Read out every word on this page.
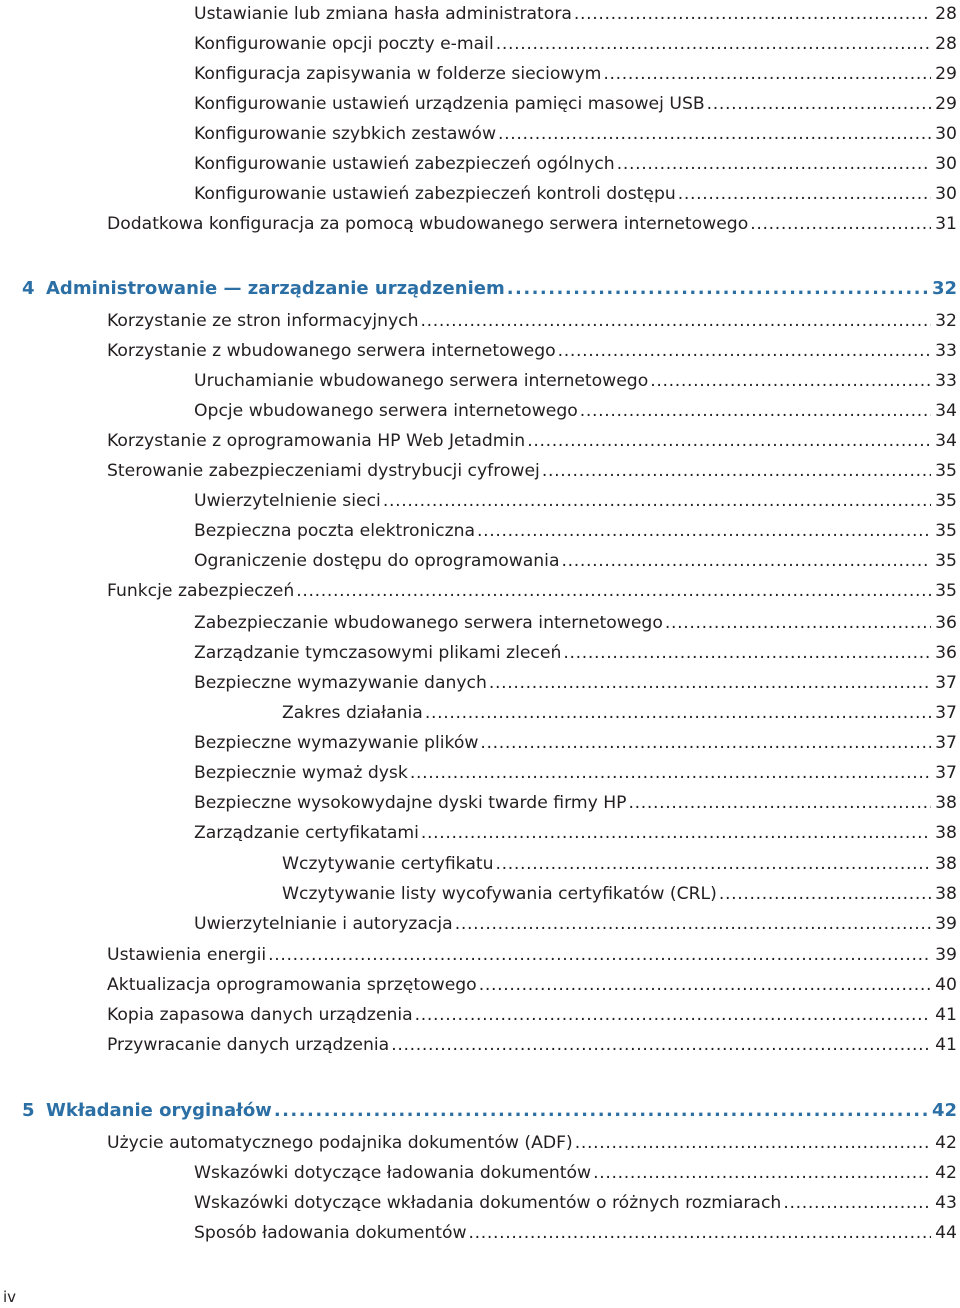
Ustawianie lub zmiana hasła administratora . . .	28
Konfigurowanie opcji poczty e-mail . . .	28
Konfiguracja zapisywania w folderze sieciowym . . .	29
Konfigurowanie ustawień urządzenia pamięci masowej USB . . .	29
Konfigurowanie szybkich zestawów . . .	30
Konfigurowanie ustawień zabezpieczeń ogólnych . . .	30
Konfigurowanie ustawień zabezpieczeń kontroli dostępu . . .	30
Dodatkowa konfiguracja za pomocą wbudowanego serwera internetowego . . .	31
4 Administrowanie — zarządzanie urządzeniem . . .	32
Korzystanie ze stron informacyjnych . . .	32
Korzystanie z wbudowanego serwera internetowego . . .	33
Uruchamianie wbudowanego serwera internetowego . . .	33
Opcje wbudowanego serwera internetowego . . .	34
Korzystanie z oprogramowania HP Web Jetadmin . . .	34
Sterowanie zabezpieczeniami dystrybucji cyfrowej . . .	35
Uwierzytelnienie sieci . . .	35
Bezpieczna poczta elektroniczna . . .	35
Ograniczenie dostępu do oprogramowania . . .	35
Funkcje zabezpieczeń . . .	35
Zabezpieczanie wbudowanego serwera internetowego . . .	36
Zarządzanie tymczasowymi plikami zleceń . . .	36
Bezpieczne wymazywanie danych . . .	37
Zakres działania . . .	37
Bezpieczne wymazywanie plików . . .	37
Bezpiecznie wymaż dysk . . .	37
Bezpieczne wysokowydajne dyski twarde firmy HP . . .	38
Zarządzanie certyfikatami . . .	38
Wczytywanie certyfikatu . . .	38
Wczytywanie listy wycofywania certyfikatów (CRL) . . .	38
Uwierzytelnianie i autoryzacja . . .	39
Ustawienia energii . . .	39
Aktualizacja oprogramowania sprzętowego . . .	40
Kopia zapasowa danych urządzenia . . .	41
Przywracanie danych urządzenia . . .	41
5 Wkładanie oryginałów . . .	42
Użycie automatycznego podajnika dokumentów (ADF) . . .	42
Wskazówki dotyczące ładowania dokumentów . . .	42
Wskazówki dotyczące wkładania dokumentów o różnych rozmiarach . . .	43
Sposób ładowania dokumentów . . .	44
iv
